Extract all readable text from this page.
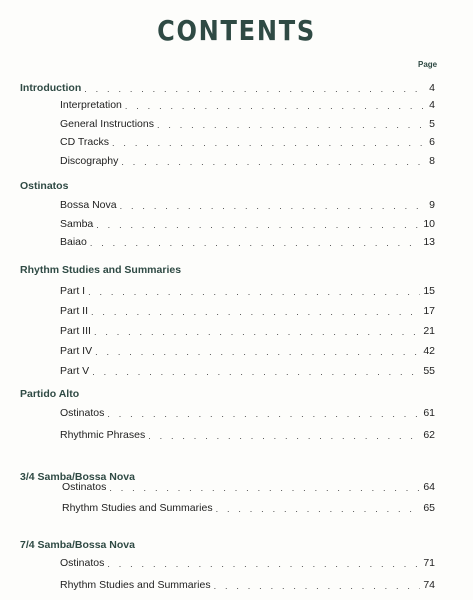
CONTENTS
Page
Introduction . . .	4
Interpretation . . .	4
General Instructions . . .	5
CD Tracks . . .	6
Discography . . .	8
Ostinatos
Bossa Nova . . .	9
Samba . . .	10
Baiao . . .	13
Rhythm Studies and Summaries
Part I . . .	15
Part II . . .	17
Part III . . .	21
Part IV . . .	42
Part V . . .	55
Partido Alto
Ostinatos . . .	61
Rhythmic Phrases . . .	62
3/4 Samba/Bossa Nova
Ostinatos . . .	64
Rhythm Studies and Summaries . . .	65
7/4 Samba/Bossa Nova
Ostinatos . . .	71
Rhythm Studies and Summaries . . .	74
